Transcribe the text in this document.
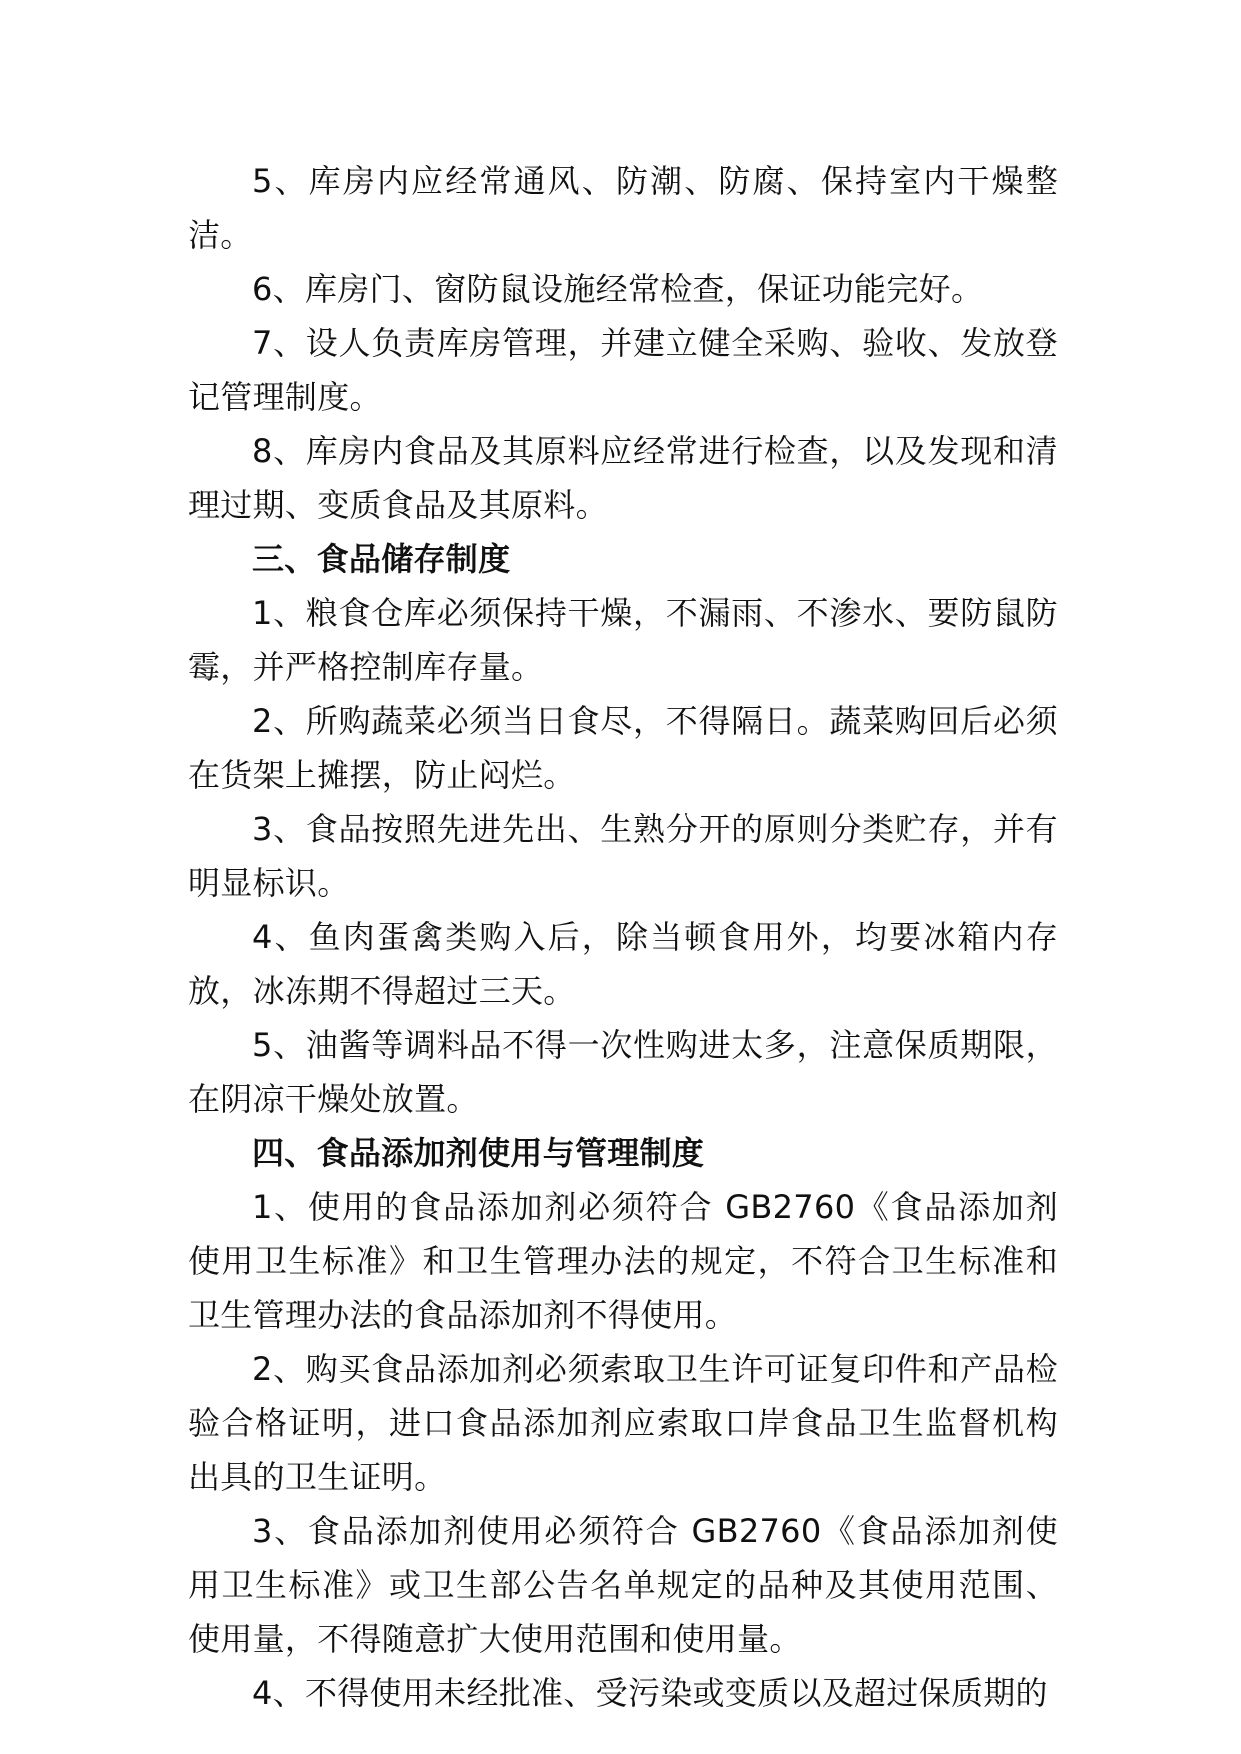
5、库房内应经常通风、防潮、防腐、保持室内干燥整洁。

6、库房门、窗防鼠设施经常检查，保证功能完好。

7、设人负责库房管理，并建立健全采购、验收、发放登记管理制度。

8、库房内食品及其原料应经常进行检查，以及发现和清理过期、变质食品及其原料。

三、食品储存制度

1、粮食仓库必须保持干燥，不漏雨、不渗水、要防鼠防霉，并严格控制库存量。

2、所购蔬菜必须当日食尽，不得隔日。蔬菜购回后必须在货架上摊摆，防止闷烂。

3、食品按照先进先出、生熟分开的原则分类贮存，并有明显标识。

4、鱼肉蛋禽类购入后，除当顿食用外，均要冰箱内存放，冰冻期不得超过三天。

5、油酱等调料品不得一次性购进太多，注意保质期限，在阴凉干燥处放置。

四、食品添加剂使用与管理制度

1、使用的食品添加剂必须符合 GB2760《食品添加剂使用卫生标准》和卫生管理办法的规定，不符合卫生标准和卫生管理办法的食品添加剂不得使用。

2、购买食品添加剂必须索取卫生许可证复印件和产品检验合格证明，进口食品添加剂应索取口岸食品卫生监督机构出具的卫生证明。

3、食品添加剂使用必须符合 GB2760《食品添加剂使用卫生标准》或卫生部公告名单规定的品种及其使用范围、使用量，不得随意扩大使用范围和使用量。

4、不得使用未经批准、受污染或变质以及超过保质期的
